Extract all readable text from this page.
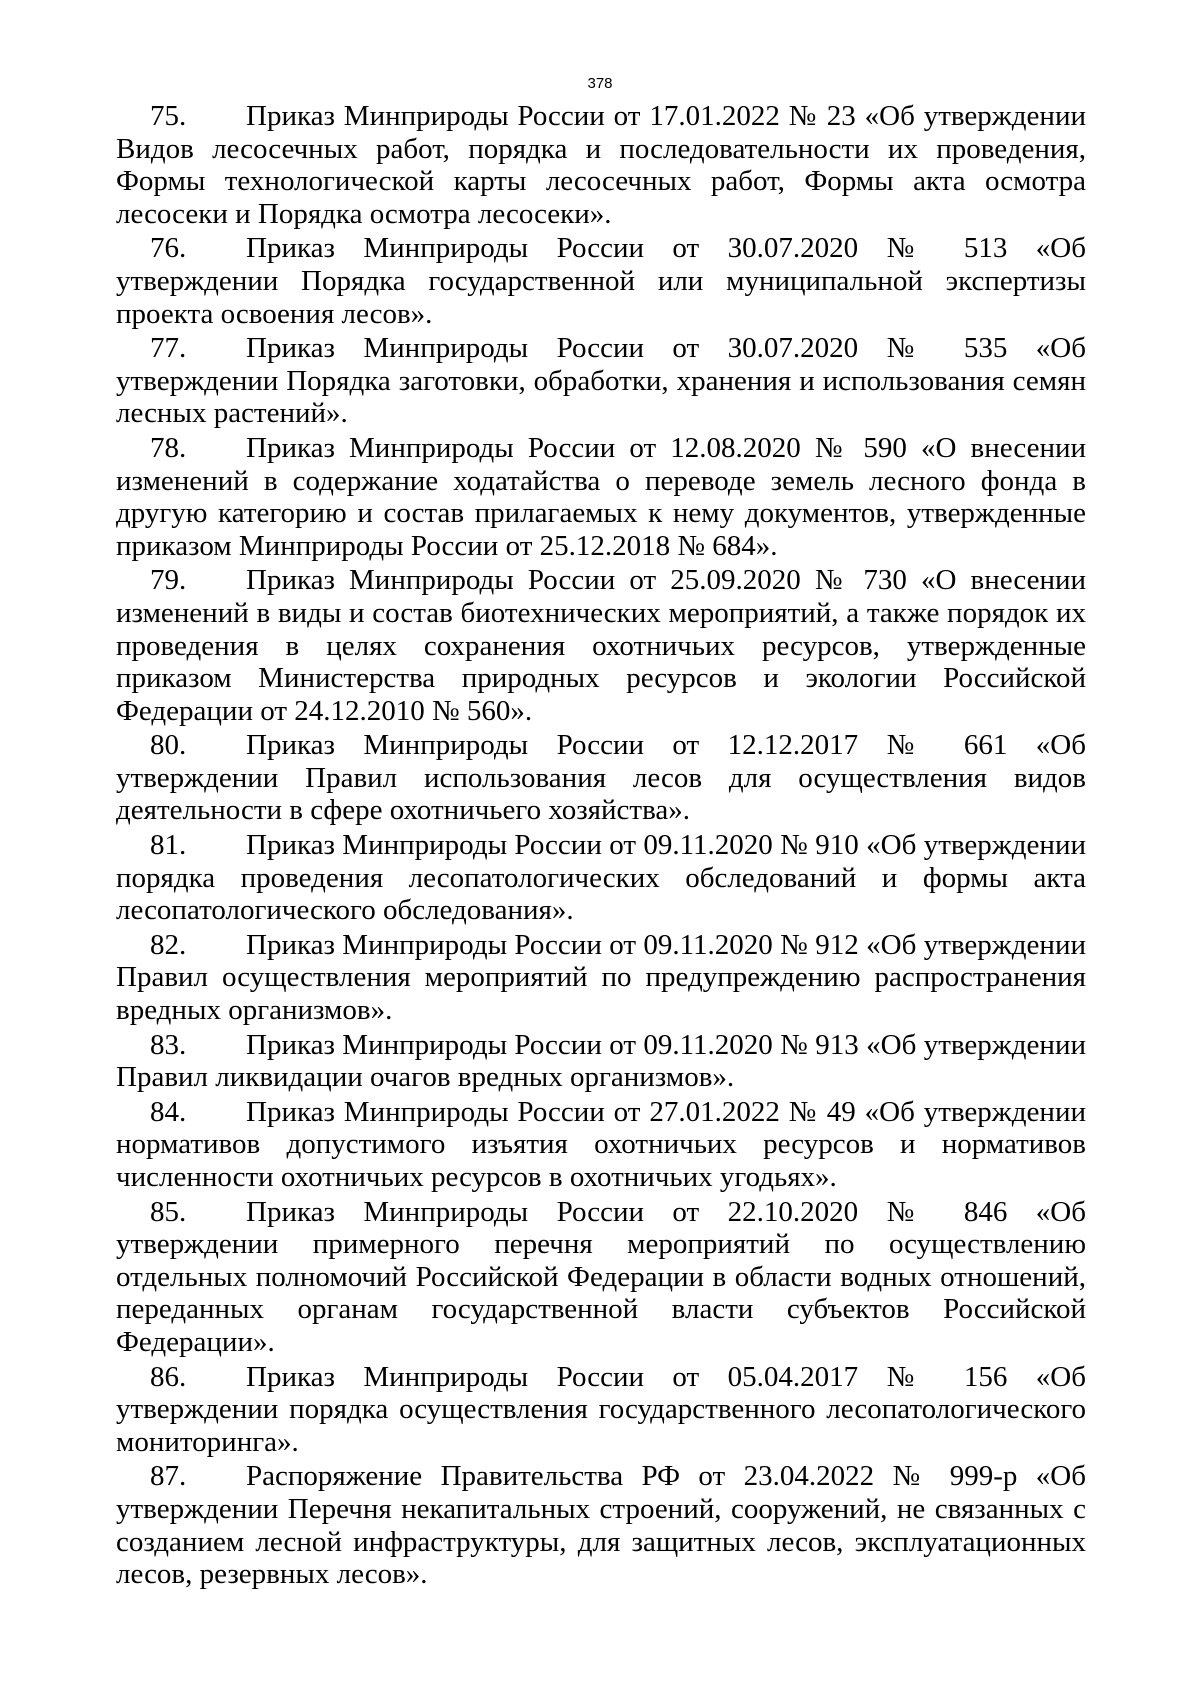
378
75. Приказ Минприроды России от 17.01.2022 № 23 «Об утверждении Видов лесосечных работ, порядка и последовательности их проведения, Формы технологической карты лесосечных работ, Формы акта осмотра лесосеки и Порядка осмотра лесосеки».
76. Приказ Минприроды России от 30.07.2020 № 513 «Об утверждении Порядка государственной или муниципальной экспертизы проекта освоения лесов».
77. Приказ Минприроды России от 30.07.2020 № 535 «Об утверждении Порядка заготовки, обработки, хранения и использования семян лесных растений».
78. Приказ Минприроды России от 12.08.2020 № 590 «О внесении изменений в содержание ходатайства о переводе земель лесного фонда в другую категорию и состав прилагаемых к нему документов, утвержденные приказом Минприроды России от 25.12.2018 № 684».
79. Приказ Минприроды России от 25.09.2020 № 730 «О внесении изменений в виды и состав биотехнических мероприятий, а также порядок их проведения в целях сохранения охотничьих ресурсов, утвержденные приказом Министерства природных ресурсов и экологии Российской Федерации от 24.12.2010 № 560».
80. Приказ Минприроды России от 12.12.2017 № 661 «Об утверждении Правил использования лесов для осуществления видов деятельности в сфере охотничьего хозяйства».
81. Приказ Минприроды России от 09.11.2020 № 910 «Об утверждении порядка проведения лесопатологических обследований и формы акта лесопатологического обследования».
82. Приказ Минприроды России от 09.11.2020 № 912 «Об утверждении Правил осуществления мероприятий по предупреждению распространения вредных организмов».
83. Приказ Минприроды России от 09.11.2020 № 913 «Об утверждении Правил ликвидации очагов вредных организмов».
84. Приказ Минприроды России от 27.01.2022 № 49 «Об утверждении нормативов допустимого изъятия охотничьих ресурсов и нормативов численности охотничьих ресурсов в охотничьих угодьях».
85. Приказ Минприроды России от 22.10.2020 № 846 «Об утверждении примерного перечня мероприятий по осуществлению отдельных полномочий Российской Федерации в области водных отношений, переданных органам государственной власти субъектов Российской Федерации».
86. Приказ Минприроды России от 05.04.2017 № 156 «Об утверждении порядка осуществления государственного лесопатологического мониторинга».
87. Распоряжение Правительства РФ от 23.04.2022 № 999-р «Об утверждении Перечня некапитальных строений, сооружений, не связанных с созданием лесной инфраструктуры, для защитных лесов, эксплуатационных лесов, резервных лесов».
